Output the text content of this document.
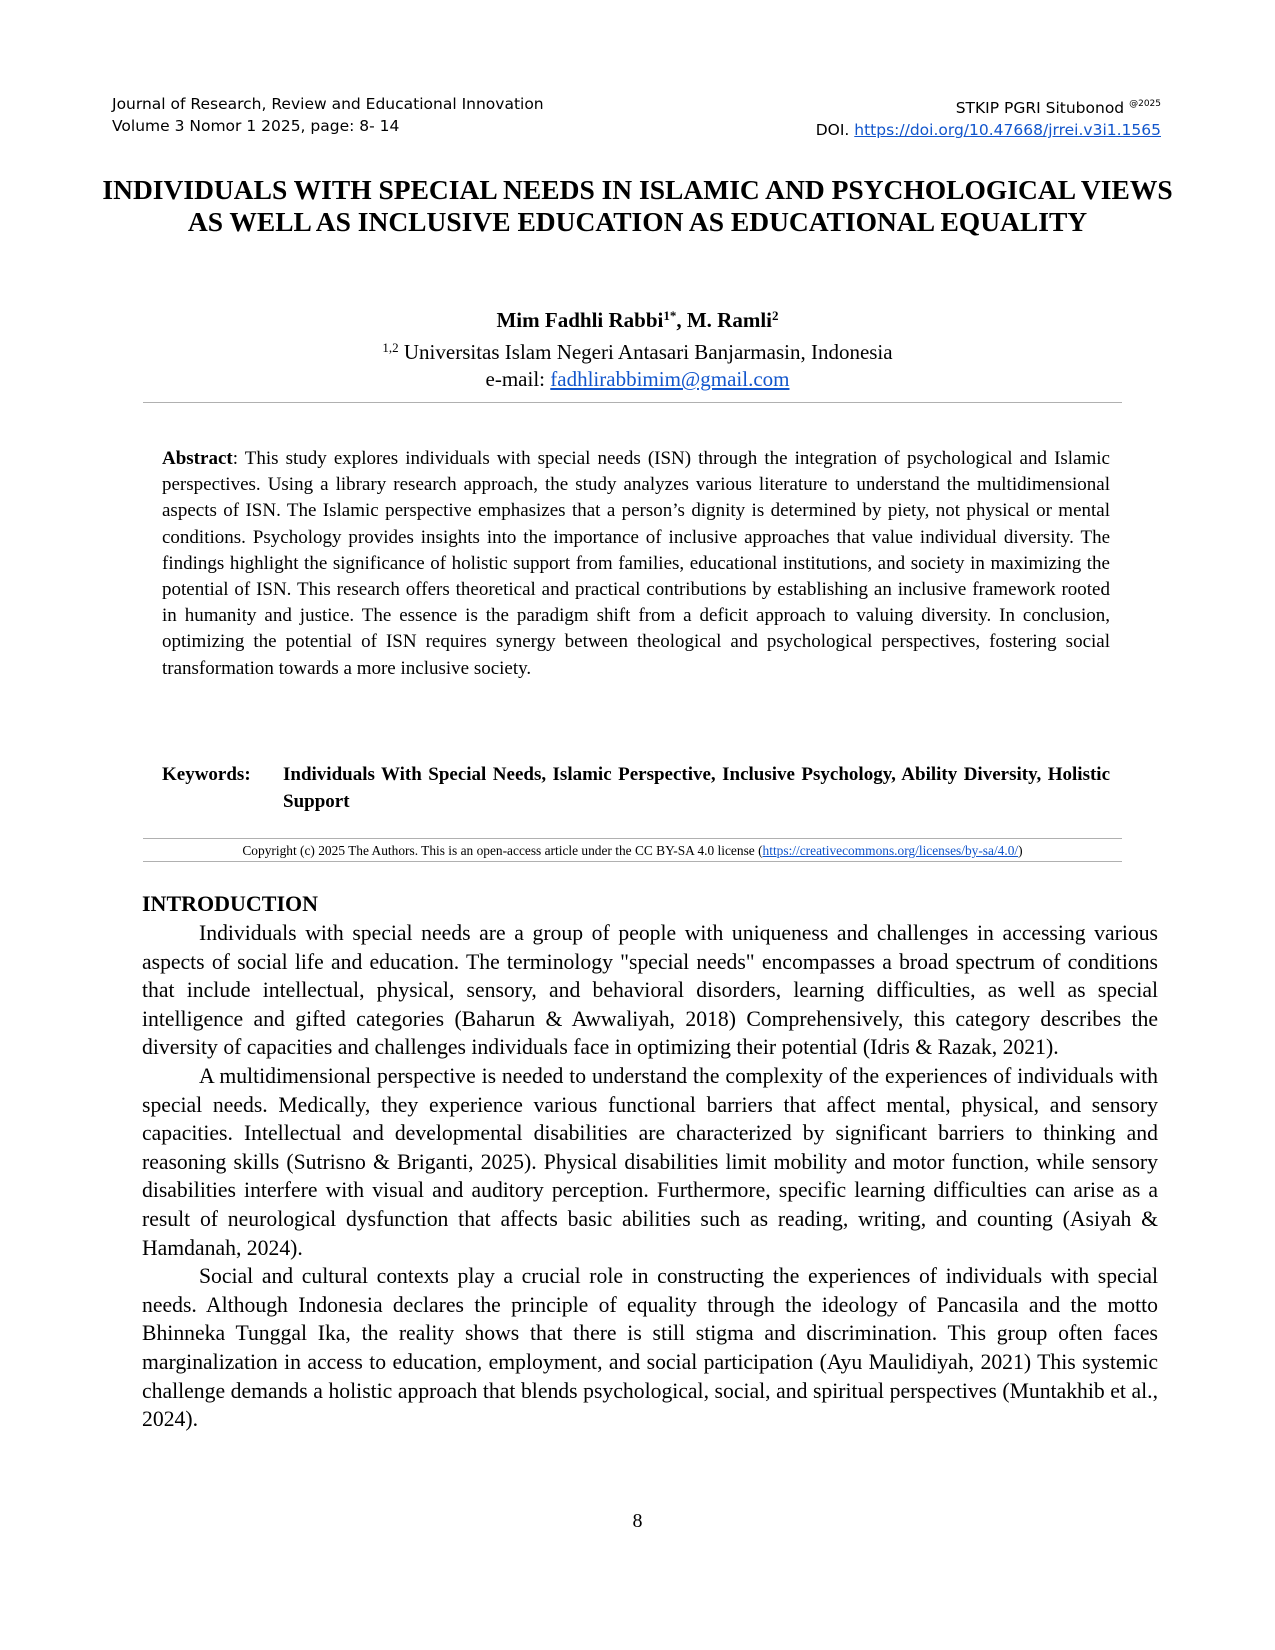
Journal of Research, Review and Educational Innovation
Volume 3 Nomor 1 2025, page: 8- 14
STKIP PGRI Situbonod $^{@2025}$
DOI. https://doi.org/10.47668/jrrei.v3i1.1565
INDIVIDUALS WITH SPECIAL NEEDS IN ISLAMIC AND PSYCHOLOGICAL VIEWS AS WELL AS INCLUSIVE EDUCATION AS EDUCATIONAL EQUALITY
Mim Fadhli Rabbi$^{1*}$, M. Ramli$^2$
$^{1,2}$ Universitas Islam Negeri Antasari Banjarmasin, Indonesia
e-mail: fadhlirabbimim@gmail.com

Abstract: This study explores individuals with special needs (ISN) through the integration of psychological and Islamic perspectives. Using a library research approach, the study analyzes various literature to understand the multidimensional aspects of ISN. The Islamic perspective emphasizes that a person’s dignity is determined by piety, not physical or mental conditions. Psychology provides insights into the importance of inclusive approaches that value individual diversity. The findings highlight the significance of holistic support from families, educational institutions, and society in maximizing the potential of ISN. This research offers theoretical and practical contributions by establishing an inclusive framework rooted in humanity and justice. The essence is the paradigm shift from a deficit approach to valuing diversity. In conclusion, optimizing the potential of ISN requires synergy between theological and psychological perspectives, fostering social transformation towards a more inclusive society.

Keywords:	Individuals With Special Needs, Islamic Perspective, Inclusive Psychology, Ability Diversity, Holistic Support
Copyright (c) 2025 The Authors. This is an open-access article under the CC BY-SA 4.0 license (https://creativecommons.org/licenses/by-sa/4.0/)
INTRODUCTION

Individuals with special needs are a group of people with uniqueness and challenges in accessing various aspects of social life and education. The terminology "special needs" encompasses a broad spectrum of conditions that include intellectual, physical, sensory, and behavioral disorders, learning difficulties, as well as special intelligence and gifted categories (Baharun & Awwaliyah, 2018) Comprehensively, this category describes the diversity of capacities and challenges individuals face in optimizing their potential (Idris & Razak, 2021).

A multidimensional perspective is needed to understand the complexity of the experiences of individuals with special needs. Medically, they experience various functional barriers that affect mental, physical, and sensory capacities. Intellectual and developmental disabilities are characterized by significant barriers to thinking and reasoning skills (Sutrisno & Briganti, 2025). Physical disabilities limit mobility and motor function, while sensory disabilities interfere with visual and auditory perception. Furthermore, specific learning difficulties can arise as a result of neurological dysfunction that affects basic abilities such as reading, writing, and counting (Asiyah & Hamdanah, 2024).

Social and cultural contexts play a crucial role in constructing the experiences of individuals with special needs. Although Indonesia declares the principle of equality through the ideology of Pancasila and the motto Bhinneka Tunggal Ika, the reality shows that there is still stigma and discrimination. This group often faces marginalization in access to education, employment, and social participation (Ayu Maulidiyah, 2021) This systemic challenge demands a holistic approach that blends psychological, social, and spiritual perspectives (Muntakhib et al., 2024).

8
